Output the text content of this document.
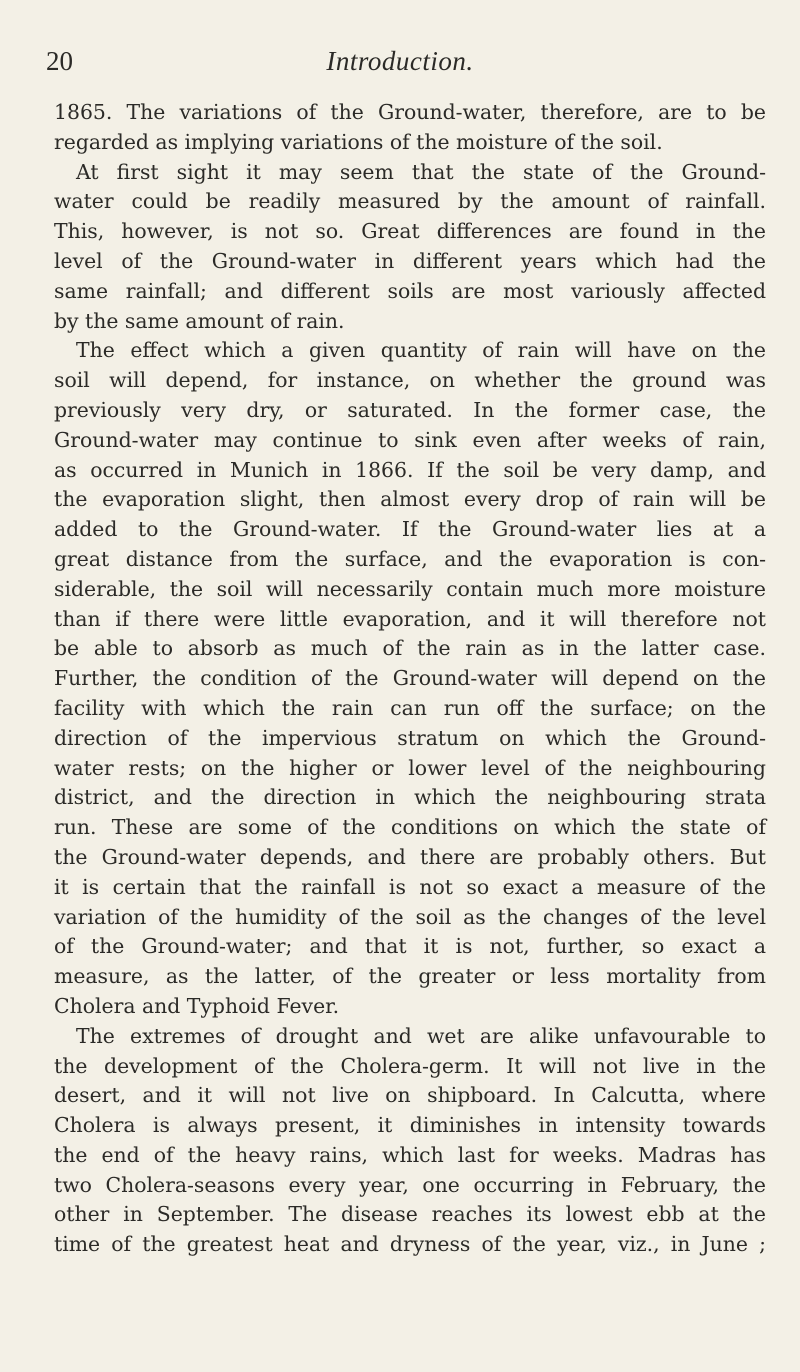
20	Introduction.
1865. The variations of the Ground-water, therefore, are to be
regarded as implying variations of the moisture of the soil.
At first sight it may seem that the state of the Ground-
water could be readily measured by the amount of rainfall.
This, however, is not so. Great differences are found in the
level of the Ground-water in different years which had the
same rainfall; and different soils are most variously affected
by the same amount of rain.
The effect which a given quantity of rain will have on the
soil will depend, for instance, on whether the ground was
previously very dry, or saturated. In the former case, the
Ground-water may continue to sink even after weeks of rain,
as occurred in Munich in 1866. If the soil be very damp, and
the evaporation slight, then almost every drop of rain will be
added to the Ground-water. If the Ground-water lies at a
great distance from the surface, and the evaporation is con-
siderable, the soil will necessarily contain much more moisture
than if there were little evaporation, and it will therefore not
be able to absorb as much of the rain as in the latter case.
Further, the condition of the Ground-water will depend on the
facility with which the rain can run off the surface; on the
direction of the impervious stratum on which the Ground-
water rests; on the higher or lower level of the neighbouring
district, and the direction in which the neighbouring strata
run. These are some of the conditions on which the state of
the Ground-water depends, and there are probably others. But
it is certain that the rainfall is not so exact a measure of the
variation of the humidity of the soil as the changes of the level
of the Ground-water; and that it is not, further, so exact a
measure, as the latter, of the greater or less mortality from
Cholera and Typhoid Fever.
The extremes of drought and wet are alike unfavourable to
the development of the Cholera-germ. It will not live in the
desert, and it will not live on shipboard. In Calcutta, where
Cholera is always present, it diminishes in intensity towards
the end of the heavy rains, which last for weeks. Madras has
two Cholera-seasons every year, one occurring in February, the
other in September. The disease reaches its lowest ebb at the
time of the greatest heat and dryness of the year, viz., in June ;
